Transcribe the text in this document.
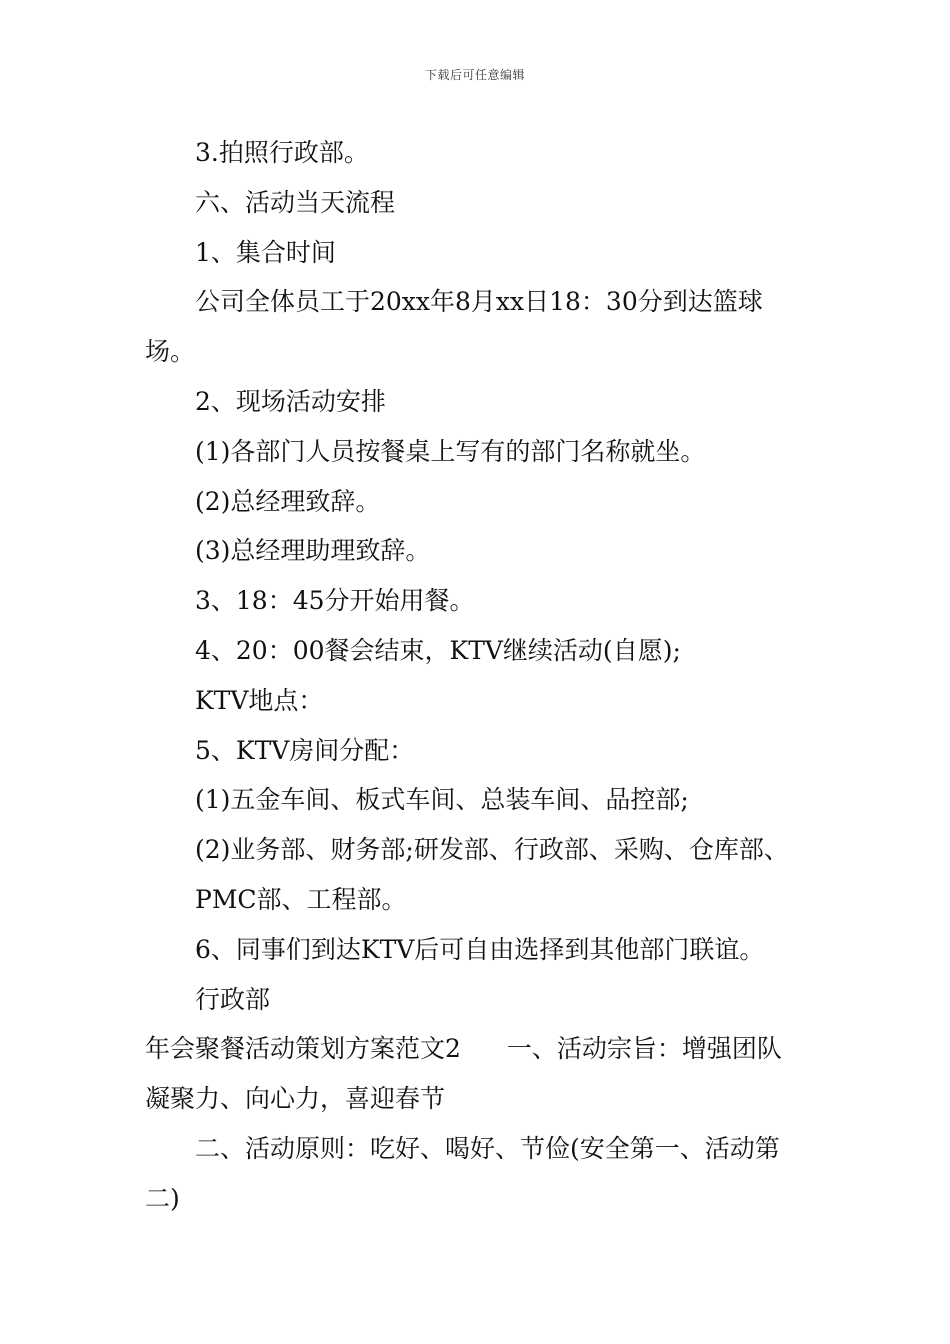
下载后可任意编辑

3.拍照行政部。

六、活动当天流程

1、集合时间

公司全体员工于20xx年8月xx日18：30分到达篮球

场。

2、现场活动安排

(1)各部门人员按餐桌上写有的部门名称就坐。

(2)总经理致辞。

(3)总经理助理致辞。

3、18：45分开始用餐。

4、20：00餐会结束，KTV继续活动(自愿);

KTV地点：

5、KTV房间分配：

(1)五金车间、板式车间、总装车间、品控部;

(2)业务部、财务部;研发部、行政部、采购、仓库部、

PMC部、工程部。

6、同事们到达KTV后可自由选择到其他部门联谊。

行政部

年会聚餐活动策划方案范文2 一、活动宗旨：增强团队

凝聚力、向心力，喜迎春节

二、活动原则：吃好、喝好、节俭(安全第一、活动第

二)
